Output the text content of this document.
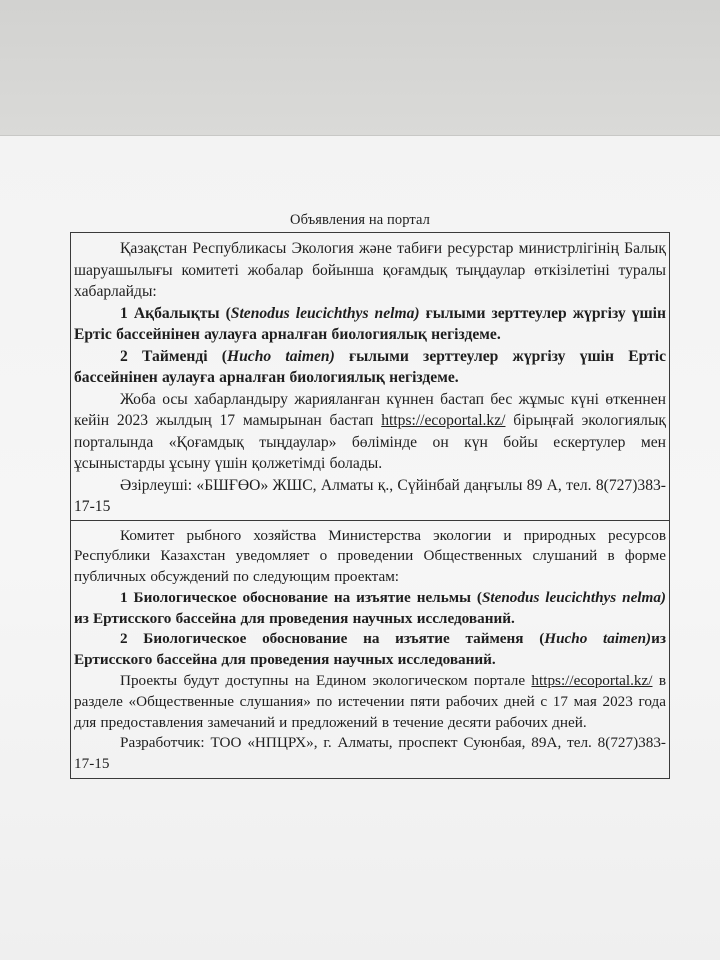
Объявления на портал

Қазақстан Республикасы Экология және табиғи ресурстар министрлігінің Балық шаруашылығы комитеті жобалар бойынша қоғамдық тыңдаулар өткізілетіні туралы хабарлайды:

1 Ақбалықты (Stenodus leucichthys nelma) ғылыми зерттеулер жүргізу үшін Ертіс бассейнінен аулауға арналған биологиялық негіздеме.

2 Тайменді (Hucho taimen) ғылыми зерттеулер жүргізу үшін Ертіс бассейнінен аулауға арналған биологиялық негіздеме.

Жоба осы хабарландыру жарияланған күннен бастап бес жұмыс күні өткеннен кейін 2023 жылдың 17 мамырынан бастап https://ecoportal.kz/ бірыңғай экологиялық порталында «Қоғамдық тыңдаулар» бөлімінде он күн бойы ескертулер мен ұсыныстарды ұсыну үшін қолжетімді болады.

Әзірлеуші: «БШҒӨО» ЖШС, Алматы қ., Сүйінбай даңғылы 89 А, тел. 8(727)383-17-15

Комитет рыбного хозяйства Министерства экологии и природных ресурсов Республики Казахстан уведомляет о проведении Общественных слушаний в форме публичных обсуждений по следующим проектам:

1 Биологическое обоснование на изъятие нельмы (Stenodus leucichthys nelma) из Ертисского бассейна для проведения научных исследований.

2 Биологическое обоснование на изъятие тайменя (Hucho taimen)из Ертисского бассейна для проведения научных исследований.

Проекты будут доступны на Едином экологическом портале https://ecoportal.kz/ в разделе «Общественные слушания» по истечении пяти рабочих дней с 17 мая 2023 года для предоставления замечаний и предложений в течение десяти рабочих дней.

Разработчик: ТОО «НПЦРХ», г. Алматы, проспект Суюнбая, 89А, тел. 8(727)383-17-15
